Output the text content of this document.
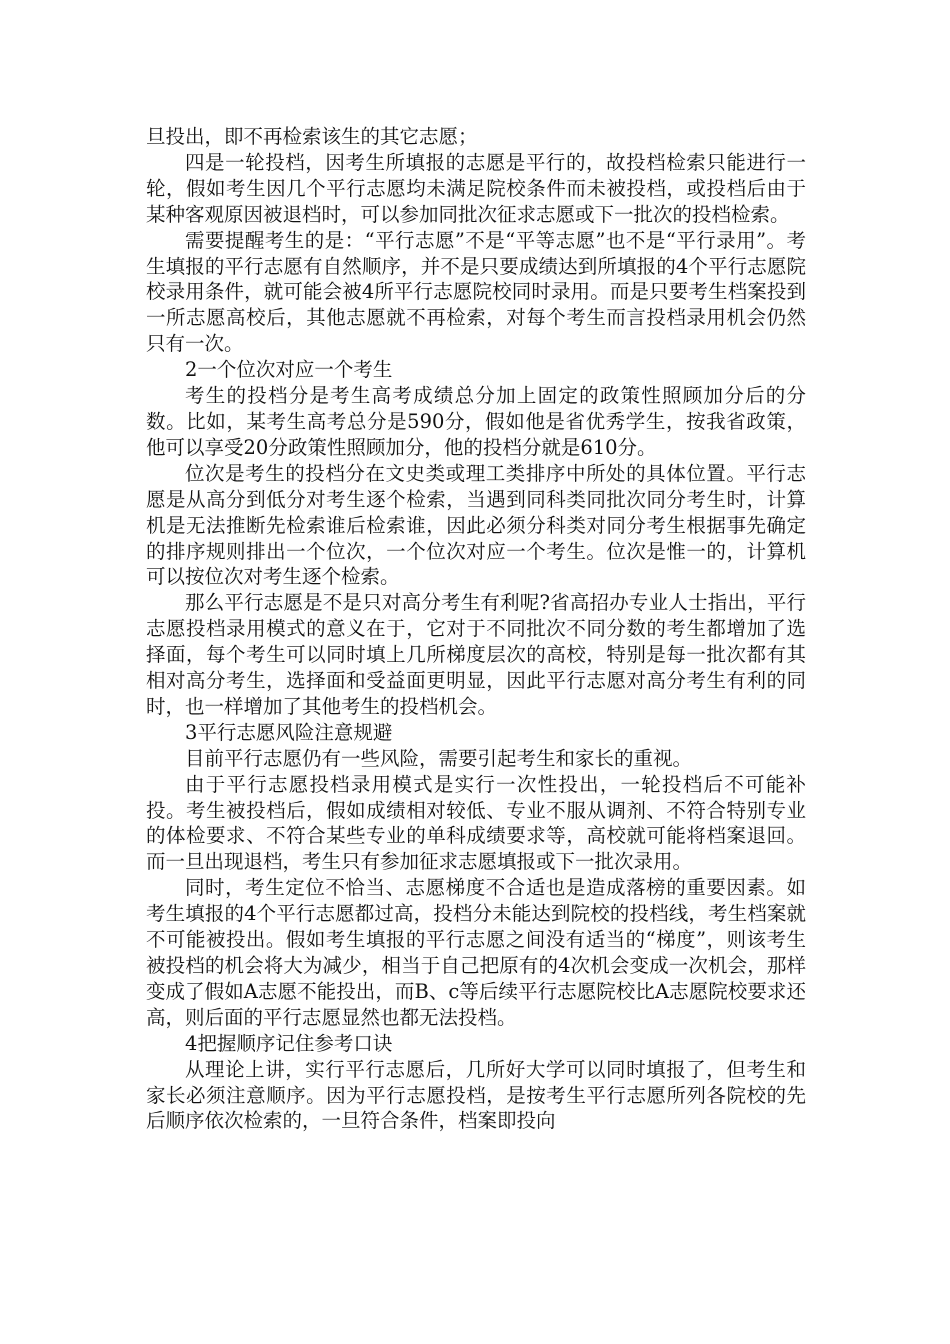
旦投出，即不再检索该生的其它志愿；

四是一轮投档，因考生所填报的志愿是平行的，故投档检索只能进行一轮，假如考生因几个平行志愿均未满足院校条件而未被投档，或投档后由于某种客观原因被退档时，可以参加同批次征求志愿或下一批次的投档检索。

需要提醒考生的是：“平行志愿”不是“平等志愿”也不是“平行录用”。考生填报的平行志愿有自然顺序，并不是只要成绩达到所填报的4个平行志愿院校录用条件，就可能会被4所平行志愿院校同时录用。而是只要考生档案投到一所志愿高校后，其他志愿就不再检索，对每个考生而言投档录用机会仍然只有一次。

2一个位次对应一个考生

考生的投档分是考生高考成绩总分加上固定的政策性照顾加分后的分数。比如，某考生高考总分是590分，假如他是省优秀学生，按我省政策，他可以享受20分政策性照顾加分，他的投档分就是610分。

位次是考生的投档分在文史类或理工类排序中所处的具体位置。平行志愿是从高分到低分对考生逐个检索，当遇到同科类同批次同分考生时，计算机是无法推断先检索谁后检索谁，因此必须分科类对同分考生根据事先确定的排序规则排出一个位次，一个位次对应一个考生。位次是惟一的，计算机可以按位次对考生逐个检索。

那么平行志愿是不是只对高分考生有利呢?省高招办专业人士指出，平行志愿投档录用模式的意义在于，它对于不同批次不同分数的考生都增加了选择面，每个考生可以同时填上几所梯度层次的高校，特别是每一批次都有其相对高分考生，选择面和受益面更明显，因此平行志愿对高分考生有利的同时，也一样增加了其他考生的投档机会。

3平行志愿风险注意规避

目前平行志愿仍有一些风险，需要引起考生和家长的重视。

由于平行志愿投档录用模式是实行一次性投出，一轮投档后不可能补投。考生被投档后，假如成绩相对较低、专业不服从调剂、不符合特别专业的体检要求、不符合某些专业的单科成绩要求等，高校就可能将档案退回。而一旦出现退档，考生只有参加征求志愿填报或下一批次录用。

同时，考生定位不恰当、志愿梯度不合适也是造成落榜的重要因素。如考生填报的4个平行志愿都过高，投档分未能达到院校的投档线，考生档案就不可能被投出。假如考生填报的平行志愿之间没有适当的“梯度”，则该考生被投档的机会将大为减少，相当于自己把原有的4次机会变成一次机会，那样变成了假如A志愿不能投出，而B、c等后续平行志愿院校比A志愿院校要求还高，则后面的平行志愿显然也都无法投档。

4把握顺序记住参考口诀

从理论上讲，实行平行志愿后，几所好大学可以同时填报了，但考生和家长必须注意顺序。因为平行志愿投档，是按考生平行志愿所列各院校的先后顺序依次检索的，一旦符合条件，档案即投向
